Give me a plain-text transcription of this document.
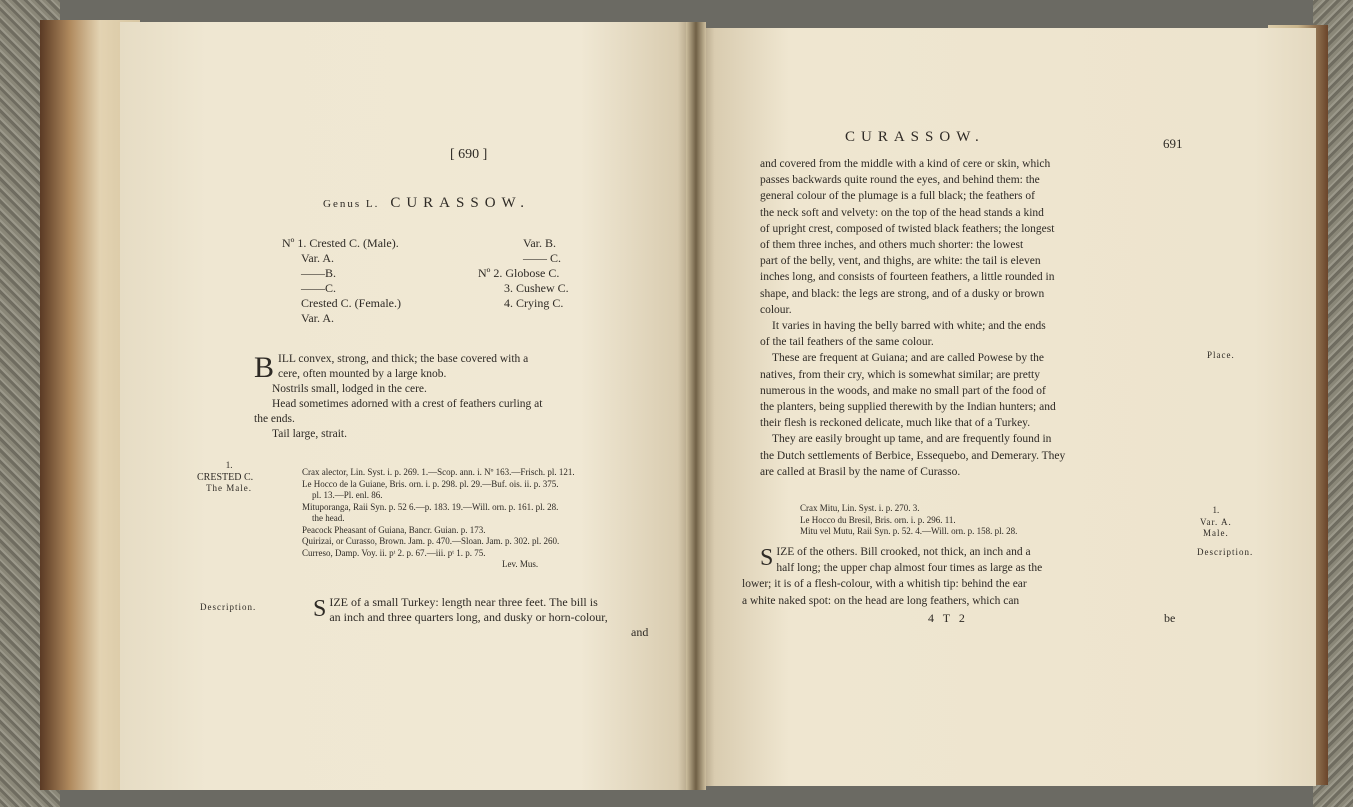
[ 690 ]
Genus L. CURASSOW.
Nº 1. Crested C. (Male).
Var. A.
——B.
——C.
Crested C. (Female.)
Var. A.
Var. B.
—— C.
Nº 2. Globose C.
3. Cushew C.
4. Crying C.
B ILL convex, strong, and thick; the base covered with a
cere, often mounted by a large knob.
Nostrils small, lodged in the cere.
Head sometimes adorned with a crest of feathers curling at
the ends.
Tail large, strait.
1.
CRESTED C.
The Male.
Crax alector, Lin. Syst. i. p. 269. 1.—Scop. ann. i. Nº 163.—Frisch. pl. 121.
Le Hocco de la Guiane, Bris. orn. i. p. 298. pl. 29.—Buf. ois. ii. p. 375.
pl. 13.—Pl. enl. 86.
Mituporanga, Raii Syn. p. 52 6.—p. 183. 19.—Will. orn. p. 161. pl. 28.
the head.
Peacock Pheasant of Guiana, Bancr. Guian. p. 173.
Quirizai, or Curasso, Brown. Jam. p. 470.—Sloan. Jam. p. 302. pl. 260.
Curreso, Damp. Voy. ii. pᵗ 2. p. 67.—iii. pᵗ 1. p. 75.
Lev. Mus.
Description. S IZE of a small Turkey: length near three feet. The bill is
an inch and three quarters long, and dusky or horn-colour,
and
CURASSOW.	691
and covered from the middle with a kind of cere or skin, which
passes backwards quite round the eyes, and behind them: the
general colour of the plumage is a full black; the feathers of
the neck soft and velvety: on the top of the head stands a kind
of upright crest, composed of twisted black feathers; the longest
of them three inches, and others much shorter: the lowest
part of the belly, vent, and thighs, are white: the tail is eleven
inches long, and consists of fourteen feathers, a little rounded in
shape, and black: the legs are strong, and of a dusky or brown
colour.
It varies in having the belly barred with white; and the ends
of the tail feathers of the same colour.
These are frequent at Guiana; and are called Powese by the
natives, from their cry, which is somewhat similar; are pretty
numerous in the woods, and make no small part of the food of
the planters, being supplied therewith by the Indian hunters; and
their flesh is reckoned delicate, much like that of a Turkey.
They are easily brought up tame, and are frequently found in
the Dutch settlements of Berbice, Essequebo, and Demerary. They
are called at Brasil by the name of Curasso.
Place.
Crax Mitu, Lin. Syst. i. p. 270. 3.
Le Hocco du Bresil, Bris. orn. i. p. 296. 11.
Mitu vel Mutu, Raii Syn. p. 52. 4.—Will. orn. p. 158. pl. 28.
1.
Var. A.
Male.
Description.
S IZE of the others. Bill crooked, not thick, an inch and a
half long; the upper chap almost four times as large as the
lower; it is of a flesh-colour, with a whitish tip: behind the ear
a white naked spot: on the head are long feathers, which can
4 T 2	be
